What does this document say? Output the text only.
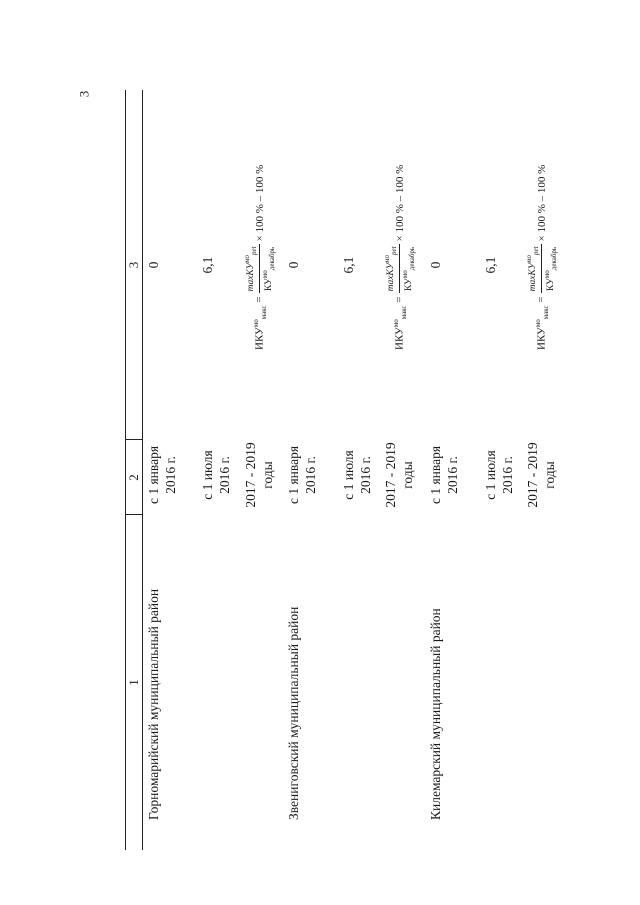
3
1
2
3
Горномарийский муниципальный район
с 1 января 2016 г.
0
с 1 июля 2016 г.
6,1
2017 - 2019 годы
$ИКУ^{мо}_{макс}$ =
maxКУ$^{мо}_{pet}$
$КУ^{мо}_{декабрь}$
× 100 % – 100 %
Звениговский муниципальный район
с 1 января 2016 г.
0
с 1 июля 2016 г.
6,1
2017 - 2019 годы
$ИКУ^{мо}_{макс}$ =
maxКУ$^{мо}_{pet}$
$КУ^{мо}_{декабрь}$
× 100 % – 100 %
Килемарский муниципальный район
с 1 января 2016 г.
0
с 1 июля 2016 г.
6,1
2017 - 2019 годы
$ИКУ^{мо}_{макс}$ =
maxКУ$^{мо}_{pet}$
$КУ^{мо}_{декабрь}$
× 100 % – 100 %
